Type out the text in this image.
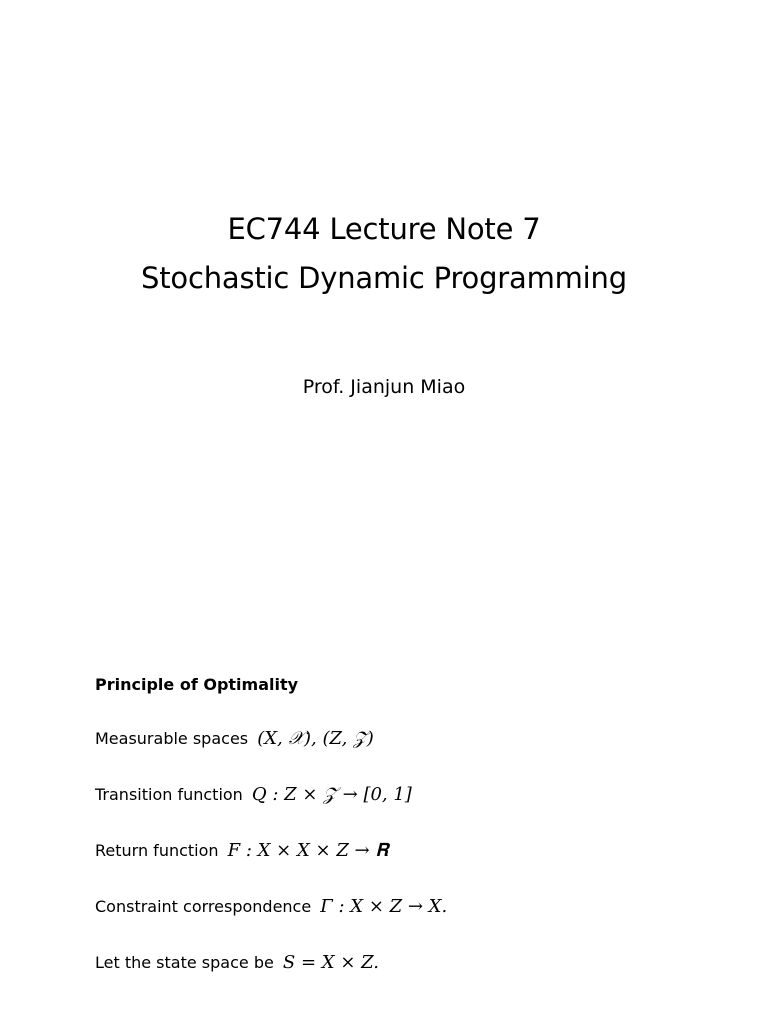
EC744 Lecture Note 7
Stochastic Dynamic Programming
Prof. Jianjun Miao
Principle of Optimality
Measurable spaces (X, 𝒳), (Z, 𝒵)
Transition function Q : Z × 𝒵 → [0, 1]
Return function F : X × X × Z → 𝐑
Constraint correspondence Γ : X × Z → X.
Let the state space be S = X × Z.
